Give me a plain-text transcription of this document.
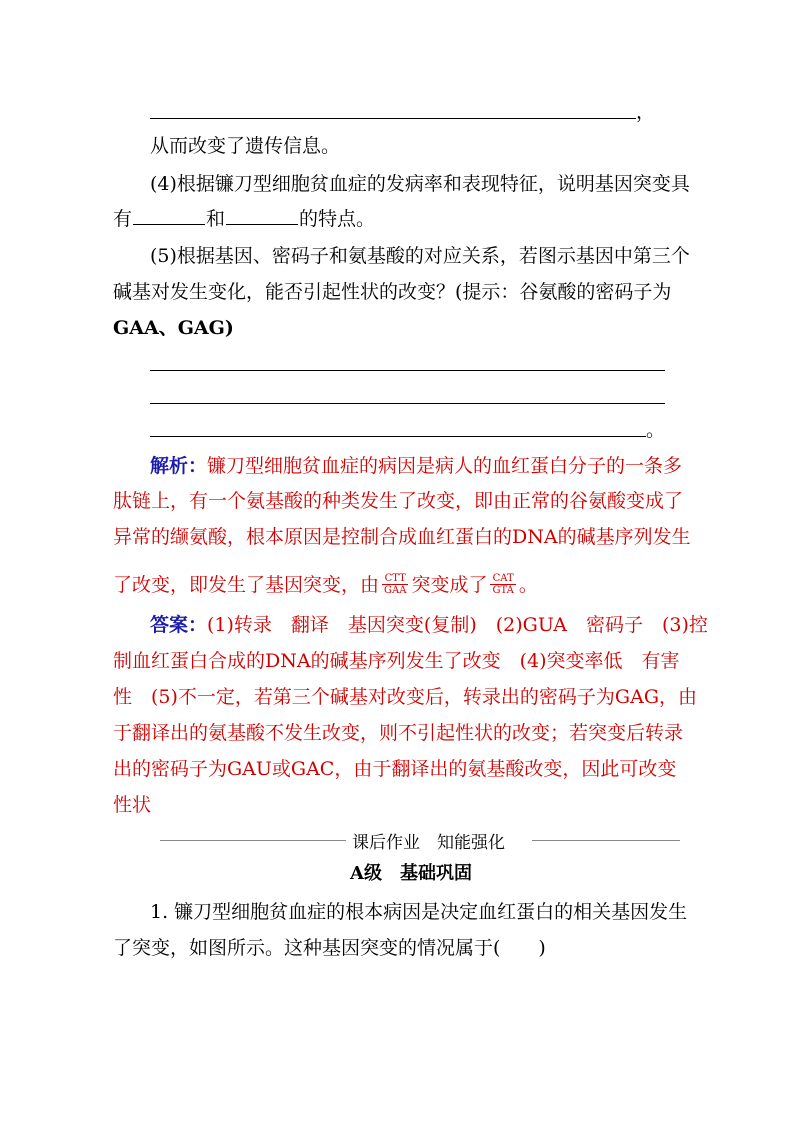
，
从而改变了遗传信息。
(4)根据镰刀型细胞贫血症的发病率和表现特征，说明基因突变具
有	和	的特点。
(5)根据基因、密码子和氨基酸的对应关系，若图示基因中第三个
碱基对发生变化，能否引起性状的改变？(提示：谷氨酸的密码子为
GAA、GAG)
。
解析：镰刀型细胞贫血症的病因是病人的血红蛋白分子的一条多
肽链上，有一个氨基酸的种类发生了改变，即由正常的谷氨酸变成了
异常的缬氨酸，根本原因是控制合成血红蛋白的DNA的碱基序列发生
了改变，即发生了基因突变，由 $\frac{\text{CTT}}{\text{GAA}}$ 突变成了 $\frac{\text{CAT}}{\text{GTA}}$ 。
答案：(1)转录　翻译　基因突变(复制)　(2)GUA　密码子　(3)控
制血红蛋白合成的DNA的碱基序列发生了改变　(4)突变率低　有害
性　(5)不一定，若第三个碱基对改变后，转录出的密码子为GAG，由
于翻译出的氨基酸不发生改变，则不引起性状的改变；若突变后转录
出的密码子为GAU或GAC，由于翻译出的氨基酸改变，因此可改变
性状
课后作业　知能强化
A级　基础巩固
1. 镰刀型细胞贫血症的根本病因是决定血红蛋白的相关基因发生
了突变，如图所示。这种基因突变的情况属于(　　)
